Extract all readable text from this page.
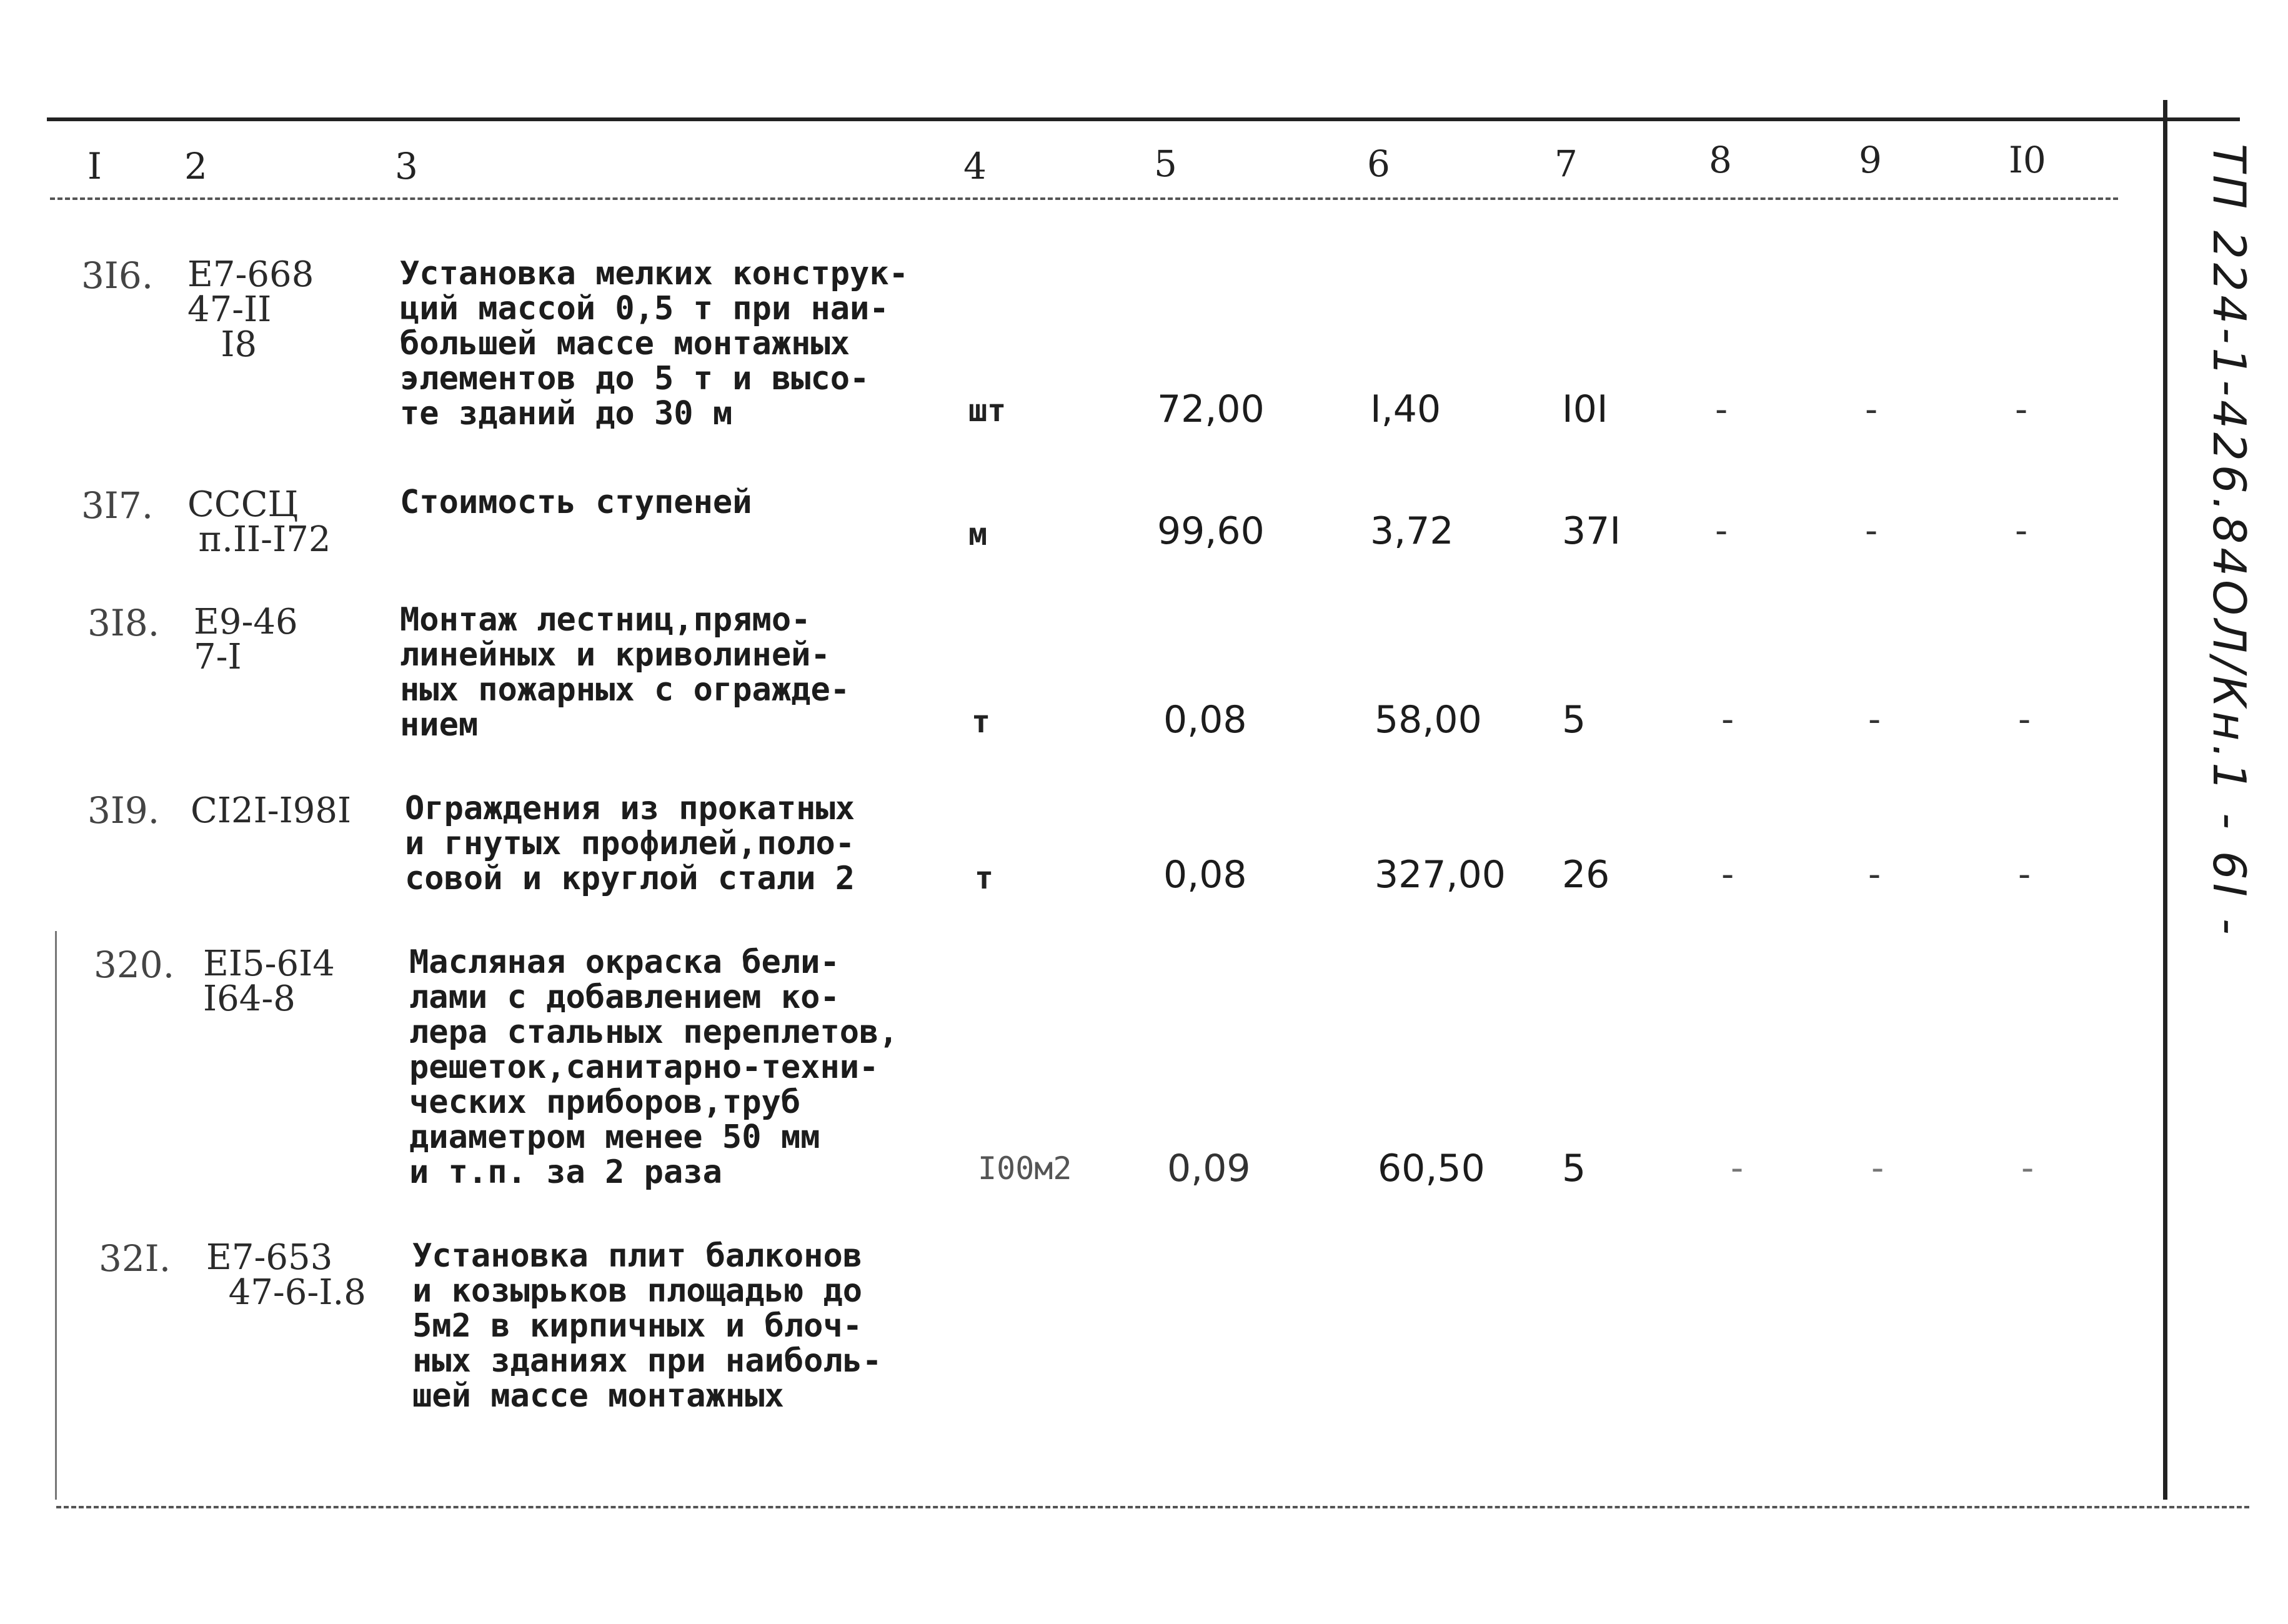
I 2	3	4	5	6	7	8	9	I0	ТП 224-1-426.84ОЛ/Кн.1 - 6I -
3I6. Е7-668
47-II
I8
Установка мелких конструк-
ций массой 0,5 т при наи-
большей массе монтажных
элементов до 5 т и высо-
те зданий до 30 м	шт	72,00	I,40	I0I	-	-	-
3I7. СССЦ
п.II-I72
Стоимость ступеней
м	99,60	3,72	37I	-	-	-
3I8. Е9-46
7-I
Монтаж лестниц,прямо-
линейных и криволиней-
ных пожарных с огражде-
нием	т	0,08	58,00 5	-	-	-
3I9. СI2I-I98I Ограждения из прокатных
и гнутых профилей,поло-
совой и круглой стали 2	т	0,08	327,00 26	-	-	-
320. ЕI5-6I4
I64-8
Масляная окраска бели-
лами с добавлением ко-
лера стальных переплетов,
решеток,санитарно-техни-
ческих приборов,труб
диаметром менее 50 мм
и т.п. за 2 раза	I00м2	0,09	60,50 5	-	-	-
32I. Е7-653
47-6-I.8
Установка плит балконов
и козырьков площадью до
5м2 в кирпичных и блоч-
ных зданиях при наиболь-
шей массе монтажных
